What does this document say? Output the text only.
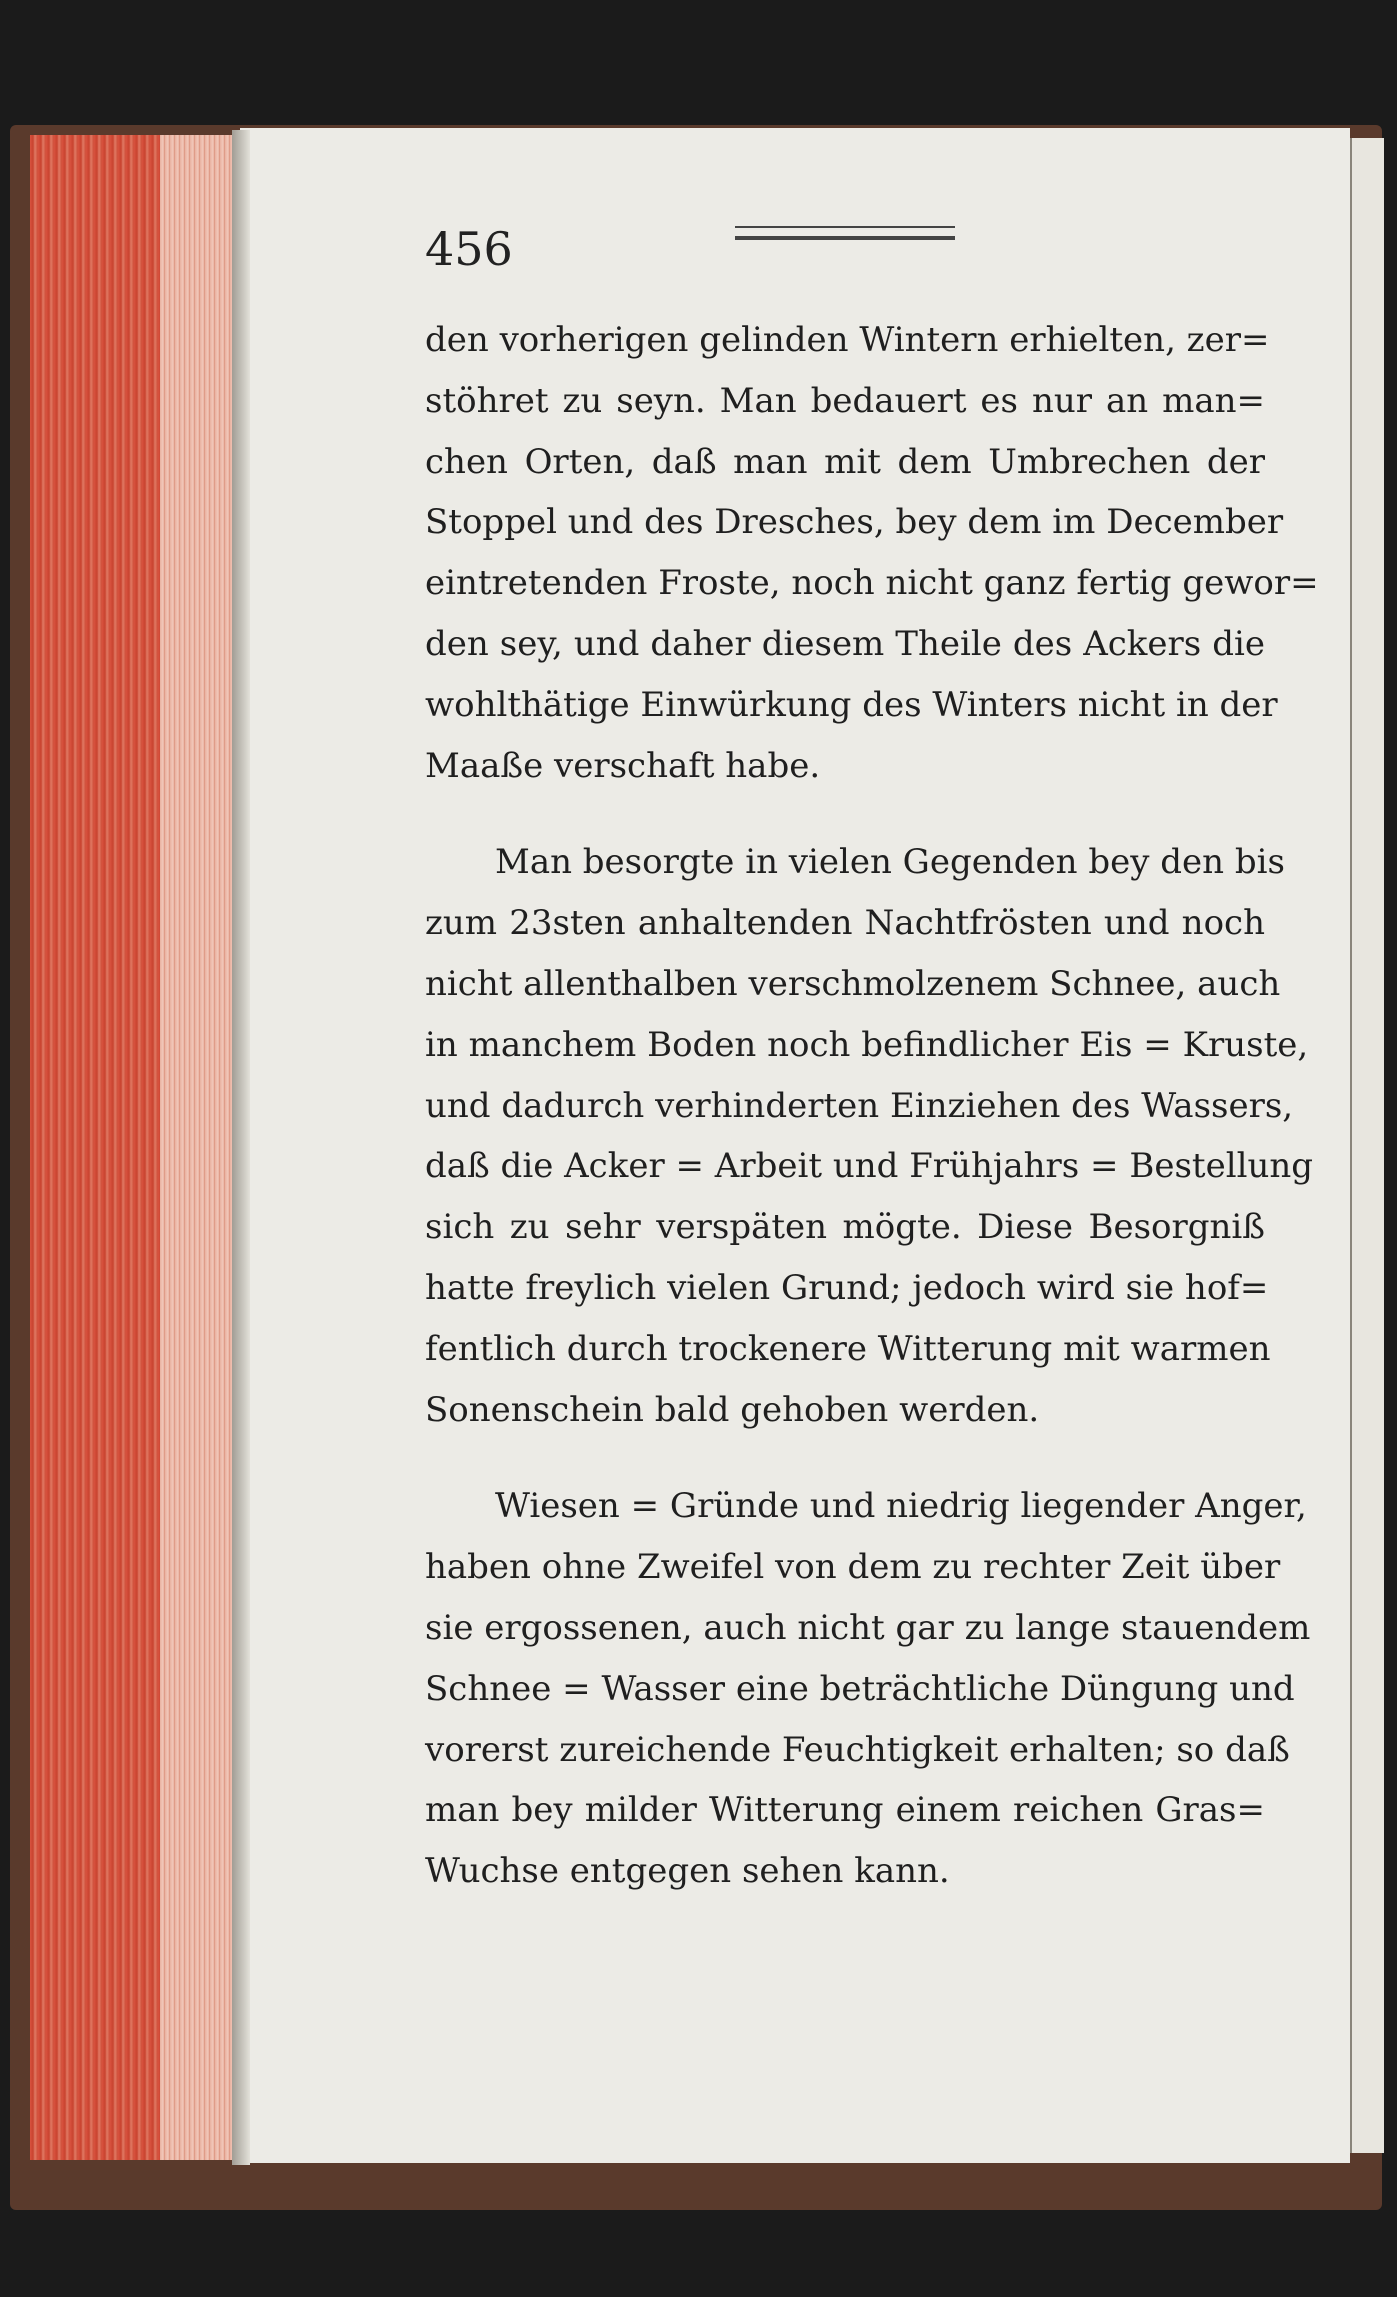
456
den vorherigen gelinden Wintern erhielten, zer=
stöhret zu seyn. Man bedauert es nur an man=
chen Orten, daß man mit dem Umbrechen der
Stoppel und des Dresches, bey dem im December
eintretenden Froste, noch nicht ganz fertig gewor=
den sey, und daher diesem Theile des Ackers die
wohlthätige Einwürkung des Winters nicht in der
Maaße verschaft habe.
Man besorgte in vielen Gegenden bey den bis
zum 23sten anhaltenden Nachtfrösten und noch
nicht allenthalben verschmolzenem Schnee, auch
in manchem Boden noch befindlicher Eis = Kruste,
und dadurch verhinderten Einziehen des Wassers,
daß die Acker = Arbeit und Frühjahrs = Bestellung
sich zu sehr verspäten mögte. Diese Besorgniß
hatte freylich vielen Grund; jedoch wird sie hof=
fentlich durch trockenere Witterung mit warmen
Sonenschein bald gehoben werden.
Wiesen = Gründe und niedrig liegender Anger,
haben ohne Zweifel von dem zu rechter Zeit über
sie ergossenen, auch nicht gar zu lange stauendem
Schnee = Wasser eine beträchtliche Düngung und
vorerst zureichende Feuchtigkeit erhalten; so daß
man bey milder Witterung einem reichen Gras=
Wuchse entgegen sehen kann.
